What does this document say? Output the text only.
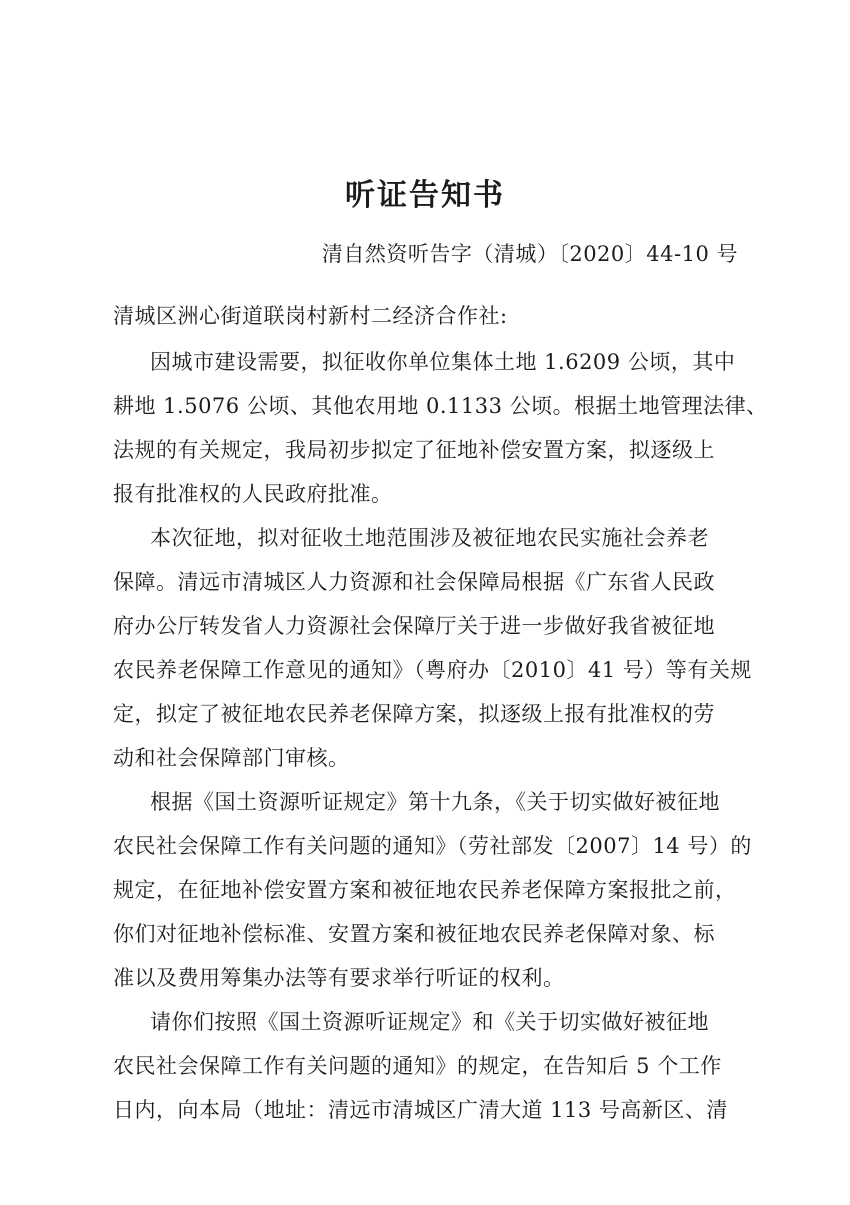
听证告知书
清自然资听告字（清城）〔2020〕44-10 号
清城区洲心街道联岗村新村二经济合作社:
因城市建设需要，拟征收你单位集体土地 1.6209 公顷，其中
耕地 1.5076 公顷、其他农用地 0.1133 公顷。根据土地管理法律、
法规的有关规定，我局初步拟定了征地补偿安置方案，拟逐级上
报有批准权的人民政府批准。
本次征地，拟对征收土地范围涉及被征地农民实施社会养老
保障。清远市清城区人力资源和社会保障局根据《广东省人民政
府办公厅转发省人力资源社会保障厅关于进一步做好我省被征地
农民养老保障工作意见的通知》（粤府办〔2010〕41 号）等有关规
定，拟定了被征地农民养老保障方案，拟逐级上报有批准权的劳
动和社会保障部门审核。
根据《国土资源听证规定》第十九条，《关于切实做好被征地
农民社会保障工作有关问题的通知》（劳社部发〔2007〕14 号）的
规定，在征地补偿安置方案和被征地农民养老保障方案报批之前，
你们对征地补偿标准、安置方案和被征地农民养老保障对象、标
准以及费用筹集办法等有要求举行听证的权利。
请你们按照《国土资源听证规定》和《关于切实做好被征地
农民社会保障工作有关问题的通知》的规定，在告知后 5 个工作
日内，向本局（地址：清远市清城区广清大道 113 号高新区、清
